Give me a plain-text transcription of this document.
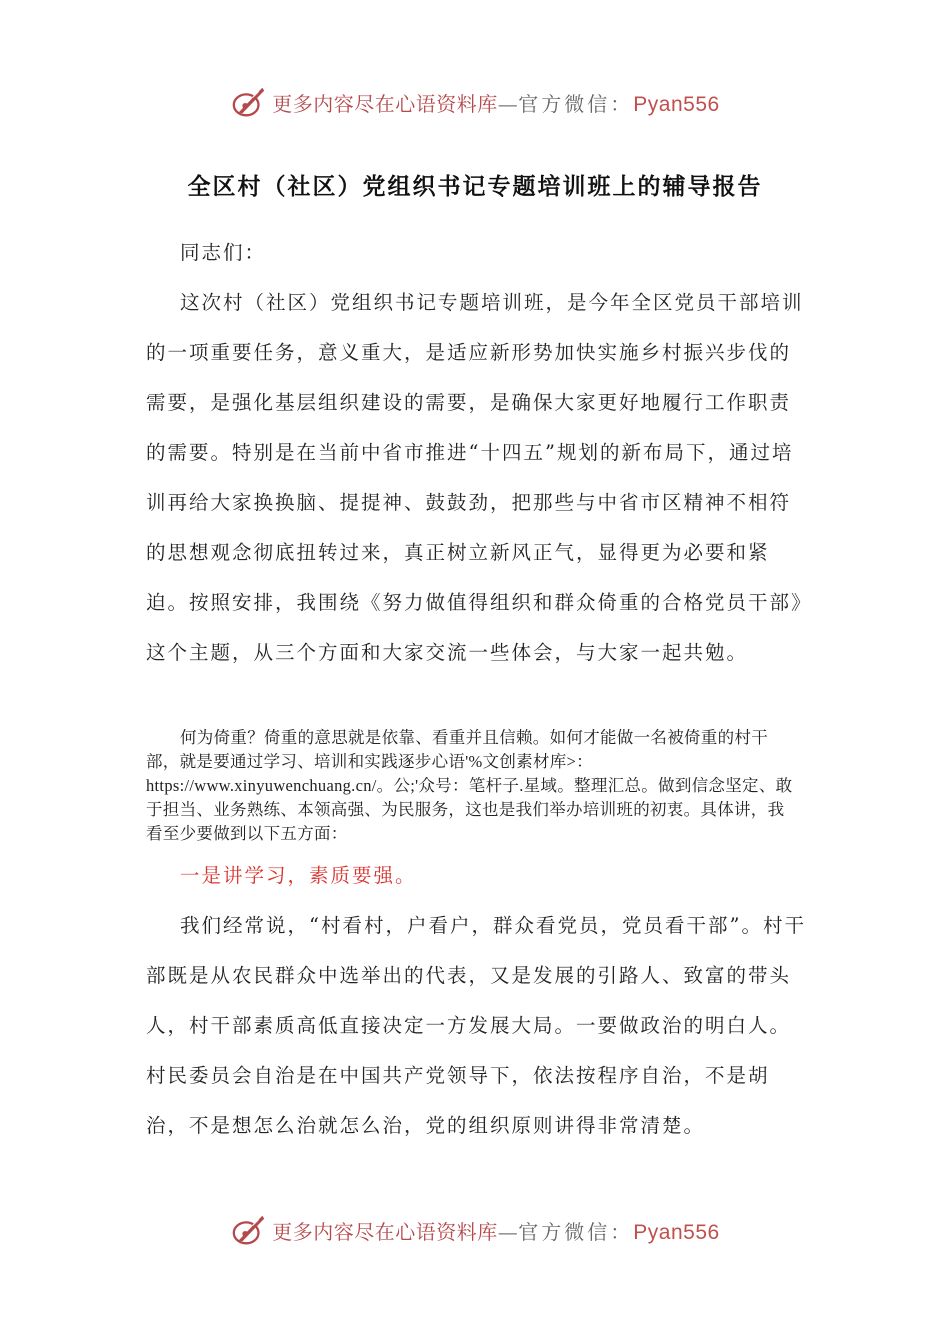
更多内容尽在心语资料库—官方微信：Pyan556
全区村（社区）党组织书记专题培训班上的辅导报告

同志们：

这次村（社区）党组织书记专题培训班，是今年全区党员干部培训的一项重要任务，意义重大，是适应新形势加快实施乡村振兴步伐的需要，是强化基层组织建设的需要，是确保大家更好地履行工作职责的需要。特别是在当前中省市推进“十四五”规划的新布局下，通过培训再给大家换换脑、提提神、鼓鼓劲，把那些与中省市区精神不相符的思想观念彻底扭转过来，真正树立新风正气，显得更为必要和紧迫。按照安排，我围绕《努力做值得组织和群众倚重的合格党员干部》这个主题，从三个方面和大家交流一些体会，与大家一起共勉。

何为倚重？倚重的意思就是依靠、看重并且信赖。如何才能做一名被倚重的村干部，就是要通过学习、培训和实践逐步心语'%文创素材库>：https://www.xinyuwenchuang.cn/。公;'众号：笔杆子.星域。整理汇总。做到信念坚定、敢于担当、业务熟练、本领高强、为民服务，这也是我们举办培训班的初衷。具体讲，我看至少要做到以下五方面：

一是讲学习，素质要强。

我们经常说，“村看村，户看户，群众看党员，党员看干部”。村干部既是从农民群众中选举出的代表，又是发展的引路人、致富的带头人，村干部素质高低直接决定一方发展大局。一要做政治的明白人。村民委员会自治是在中国共产党领导下，依法按程序自治，不是胡治，不是想怎么治就怎么治，党的组织原则讲得非常清楚。

更多内容尽在心语资料库—官方微信：Pyan556
